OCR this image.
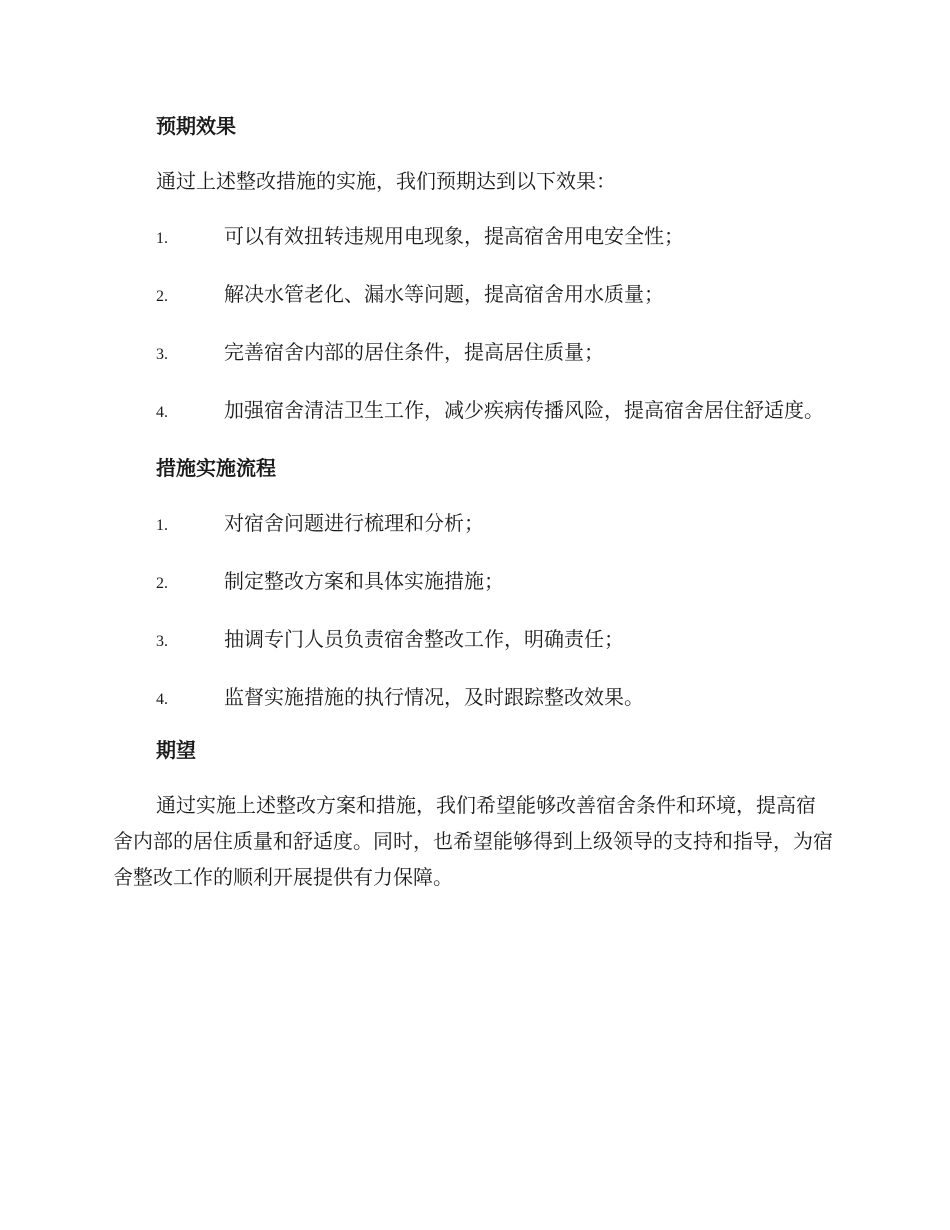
预期效果

通过上述整改措施的实施，我们预期达到以下效果：

1.	可以有效扭转违规用电现象，提高宿舍用电安全性；
2.	解决水管老化、漏水等问题，提高宿舍用水质量；
3.	完善宿舍内部的居住条件，提高居住质量；
4.	加强宿舍清洁卫生工作，减少疾病传播风险，提高宿舍居住舒适度。
措施实施流程
1.	对宿舍问题进行梳理和分析；
2.	制定整改方案和具体实施措施；
3.	抽调专门人员负责宿舍整改工作，明确责任；
4.	监督实施措施的执行情况，及时跟踪整改效果。
期望

通过实施上述整改方案和措施，我们希望能够改善宿舍条件和环境，提高宿舍内部的居住质量和舒适度。同时，也希望能够得到上级领导的支持和指导，为宿舍整改工作的顺利开展提供有力保障。
